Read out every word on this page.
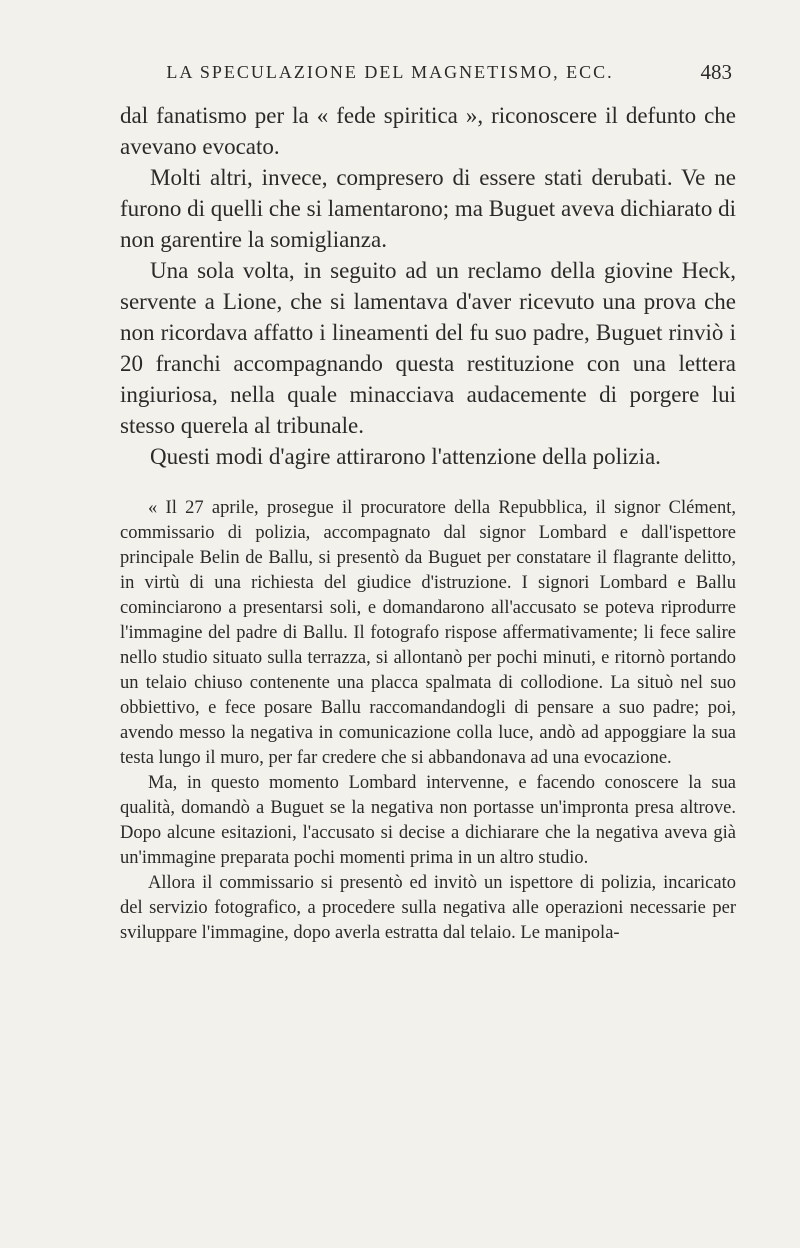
LA SPECULAZIONE DEL MAGNETISMO, ECC.	483

dal fanatismo per la « fede spiritica », riconoscere il defunto che avevano evocato.

Molti altri, invece, compresero di essere stati derubati. Ve ne furono di quelli che si lamentarono; ma Buguet aveva dichiarato di non garentire la somiglianza.

Una sola volta, in seguito ad un reclamo della giovine Heck, servente a Lione, che si lamentava d'aver ricevuto una prova che non ricordava affatto i lineamenti del fu suo padre, Buguet rinviò i 20 franchi accompagnando questa restituzione con una lettera ingiuriosa, nella quale minacciava audacemente di porgere lui stesso querela al tribunale.

Questi modi d'agire attirarono l'attenzione della polizia.

« Il 27 aprile, prosegue il procuratore della Repubblica, il signor Clément, commissario di polizia, accompagnato dal signor Lombard e dall'ispettore principale Belin de Ballu, si presentò da Buguet per constatare il flagrante delitto, in virtù di una richiesta del giudice d'istruzione. I signori Lombard e Ballu cominciarono a presentarsi soli, e domandarono all'accusato se poteva riprodurre l'immagine del padre di Ballu. Il fotografo rispose affermativamente; li fece salire nello studio situato sulla terrazza, si allontanò per pochi minuti, e ritornò portando un telaio chiuso contenente una placca spalmata di collodione. La situò nel suo obbiettivo, e fece posare Ballu raccomandandogli di pensare a suo padre; poi, avendo messo la negativa in comunicazione colla luce, andò ad appoggiare la sua testa lungo il muro, per far credere che si abbandonava ad una evocazione.

Ma, in questo momento Lombard intervenne, e facendo conoscere la sua qualità, domandò a Buguet se la negativa non portasse un'impronta presa altrove. Dopo alcune esitazioni, l'accusato si decise a dichiarare che la negativa aveva già un'immagine preparata pochi momenti prima in un altro studio.

Allora il commissario si presentò ed invitò un ispettore di polizia, incaricato del servizio fotografico, a procedere sulla negativa alle operazioni necessarie per sviluppare l'immagine, dopo averla estratta dal telaio. Le manipola-
